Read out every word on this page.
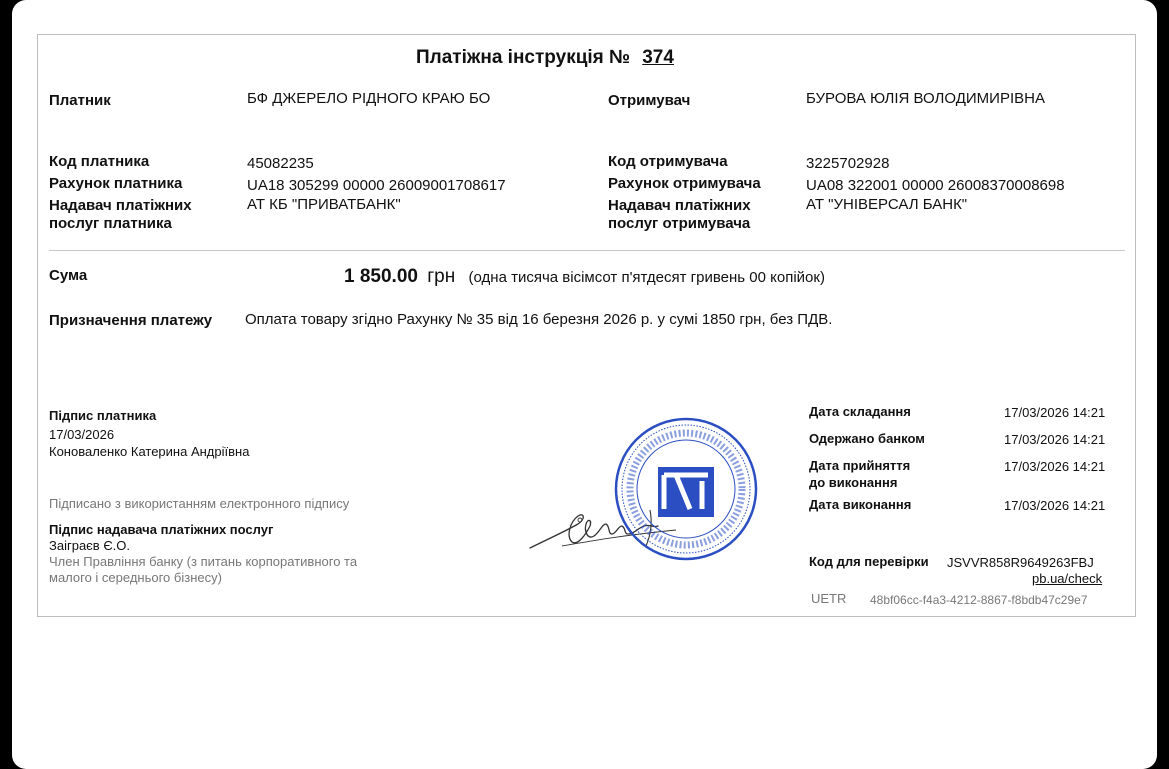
Платіжна інструкція № 374
Платник	БФ ДЖЕРЕЛО РІДНОГО КРАЮ БО	Отримувач	БУРОВА ЮЛІЯ ВОЛОДИМИРІВНА
Код платника	45082235
Рахунок платника	UA18 305299 00000 26009001708617
Надавач платіжних
послуг платника
АТ КБ "ПРИВАТБАНК"
Код отримувача	3225702928
Рахунок отримувача	UA08 322001 00000 26008370008698
Надавач платіжних
послуг отримувача
АТ "УНІВЕРСАЛ БАНК"
Сума	1 850.00 грн (одна тисяча вісімсот п'ятдесят гривень 00 копійок)
Призначення платежу Оплата товару згідно Рахунку № 35 від 16 березня 2026 р. у сумі 1850 грн, без ПДВ.
Підпис платника
17/03/2026
Коноваленко Катерина Андріївна
Підписано з використанням електронного підпису
Підпис надавача платіжних послуг
Заіграєв Є.О.
Член Правління банку (з питань корпоративного та
малого і середнього бізнесу)
Дата складання	17/03/2026 14:21
Одержано банком	17/03/2026 14:21
Дата прийняття
до виконання
17/03/2026 14:21
Дата виконання	17/03/2026 14:21
Код для перевірки JSVVR858R9649263FBJ
pb.ua/check
UETR 48bf06cc-f4a3-4212-8867-f8bdb47c29e7
